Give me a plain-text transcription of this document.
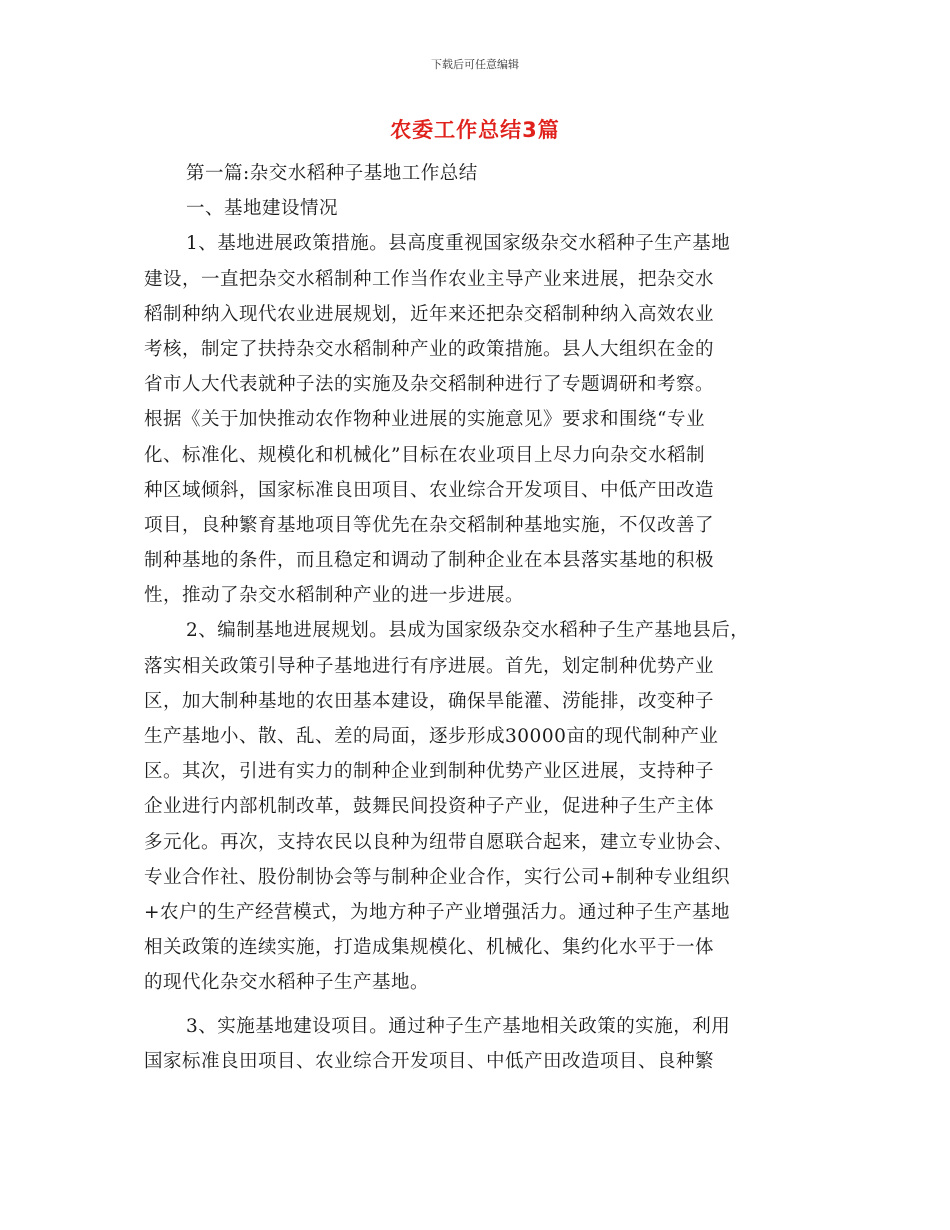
下载后可任意编辑
农委工作总结3篇
第一篇:杂交水稻种子基地工作总结
一、基地建设情况
1、基地进展政策措施。县高度重视国家级杂交水稻种子生产基地
建设，一直把杂交水稻制种工作当作农业主导产业来进展，把杂交水
稻制种纳入现代农业进展规划，近年来还把杂交稻制种纳入高效农业
考核，制定了扶持杂交水稻制种产业的政策措施。县人大组织在金的
省市人大代表就种子法的实施及杂交稻制种进行了专题调研和考察。
根据《关于加快推动农作物种业进展的实施意见》要求和围绕“专业
化、标准化、规模化和机械化”目标在农业项目上尽力向杂交水稻制
种区域倾斜，国家标准良田项目、农业综合开发项目、中低产田改造
项目，良种繁育基地项目等优先在杂交稻制种基地实施，不仅改善了
制种基地的条件，而且稳定和调动了制种企业在本县落实基地的积极
性，推动了杂交水稻制种产业的进一步进展。
2、编制基地进展规划。县成为国家级杂交水稻种子生产基地县后，
落实相关政策引导种子基地进行有序进展。首先，划定制种优势产业
区，加大制种基地的农田基本建设，确保旱能灌、涝能排，改变种子
生产基地小、散、乱、差的局面，逐步形成30000亩的现代制种产业
区。其次，引进有实力的制种企业到制种优势产业区进展，支持种子
企业进行内部机制改革，鼓舞民间投资种子产业，促进种子生产主体
多元化。再次，支持农民以良种为纽带自愿联合起来，建立专业协会、
专业合作社、股份制协会等与制种企业合作，实行公司+制种专业组织
+农户的生产经营模式，为地方种子产业增强活力。通过种子生产基地
相关政策的连续实施，打造成集规模化、机械化、集约化水平于一体
的现代化杂交水稻种子生产基地。
3、实施基地建设项目。通过种子生产基地相关政策的实施，利用
国家标准良田项目、农业综合开发项目、中低产田改造项目、良种繁
